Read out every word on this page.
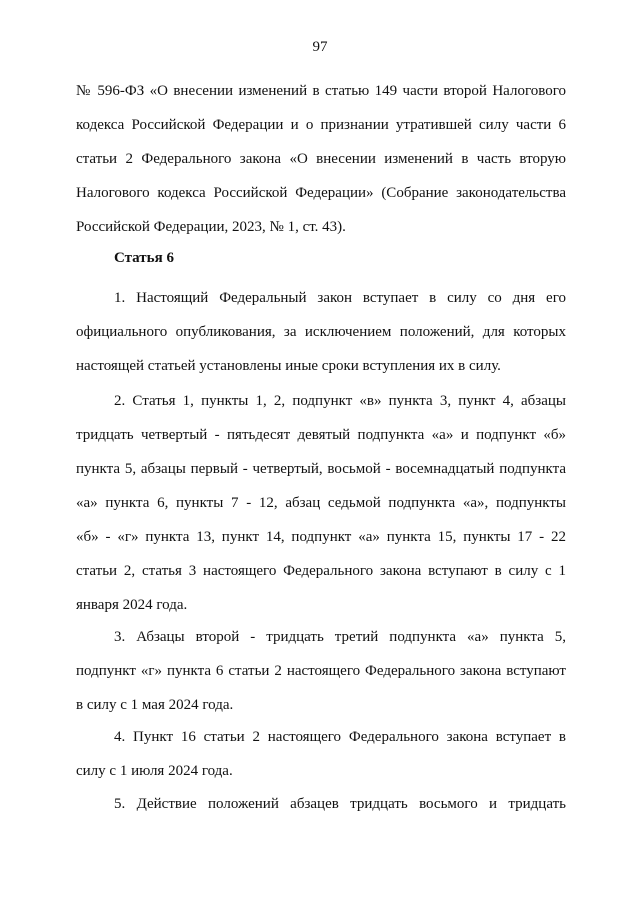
97
№ 596-ФЗ «О внесении изменений в статью 149 части второй Налогового
кодекса Российской Федерации и о признании утратившей силу части 6
статьи 2 Федерального закона «О внесении изменений в часть вторую
Налогового кодекса Российской Федерации» (Собрание законодательства
Российской Федерации, 2023, № 1, ст. 43).
Статья 6
1. Настоящий Федеральный закон вступает в силу со дня его
официального опубликования, за исключением положений, для которых
настоящей статьей установлены иные сроки вступления их в силу.
2. Статья 1, пункты 1, 2, подпункт «в» пункта 3, пункт 4, абзацы
тридцать четвертый - пятьдесят девятый подпункта «а» и подпункт «б»
пункта 5, абзацы первый - четвертый, восьмой - восемнадцатый подпункта
«а» пункта 6, пункты 7 - 12, абзац седьмой подпункта «а», подпункты
«б» - «г» пункта 13, пункт 14, подпункт «а» пункта 15, пункты 17 - 22
статьи 2, статья 3 настоящего Федерального закона вступают в силу с 1
января 2024 года.
3. Абзацы второй - тридцать третий подпункта «а» пункта 5,
подпункт «г» пункта 6 статьи 2 настоящего Федерального закона вступают
в силу с 1 мая 2024 года.
4. Пункт 16 статьи 2 настоящего Федерального закона вступает в
силу с 1 июля 2024 года.
5. Действие положений абзацев тридцать восьмого и тридцать
